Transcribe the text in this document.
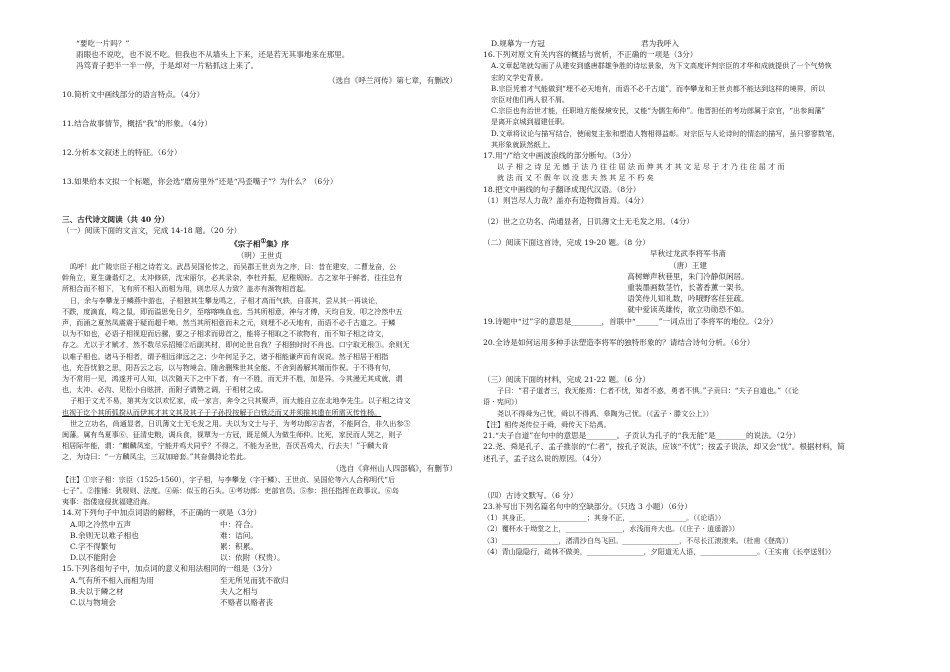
“要吃一片吗？”
雨眼也不说吃，也不说不吃。但我也不从墙头上下来，还是若无其事地来在那里。
冯笃青子把半一半一停，于是却对一片粘抓这上来了。
（选自《呼兰河传》第七章，有删改）
10.简析文中画线部分的语言特点。（4分）
11.结合故事情节，概括“我”的形象。（4分）
12.分析本文叙述上的特征。（6分）
13.如果给本文拟一个标题，你会选“磨房里外”还是“冯歪嘴子”？为什么？（6分）
三、古代诗文阅读（共 40 分）
（一）阅读下面的文言文，完成 14-18 题。（20 分）
《宗子相①集》序
（明）王世贞
呜呼！此广陵宗臣子相之诗若文。武昌吴国伦传之，而吴郡王世贞为之序，曰：昔在建安，二曹龙奋，公
幹角立，夏生谦谐灯之，太冲修质，沈宋丽尔，必其录杂，李杜并振，尼稚规盼。古之家年于鲜者，往往总有
所相合而不相下，飞有所不相入而相为用，则忠尽人力致？盖亦有渐物相首起。
日，余与李攀龙于鳞燕中游也，子相独其生攀龙鸣之，子相才高而气轶，自喜其，尝从其一再谈论，
不跌，度滴直，鸣之鼠，即而溢思免日夕，至喀喀唤血也。当其所相意，神与才傅，天均自发，叩之冷然中五
声，而涌之夏然凤震震于疑而超千啼。然当其所相意而未之元，则埋不必天地有，而语不必千古道之。于鳞
以为不如也，必语子相视迎而后骡，要之子相求而毋首之，能将子相取之不欲物有，而不知子相之诗文，
存之。尤以于才赋才，然不数尽乐招锤②后副其材，即何论世自我？子相独时时不肖也。口宁取无根③。余则无
以难子相也。诸马予相者，谓予相远律远之之；少年何足予之，诸予相能谦声而有误说。然子相居于相指
也，充吾忧狼之思，阳吾云之忘，以与物境会。随舍删殊世其全能。不舍到善解其端而作祝。于不得有句，
为不常用一见，鸿遂并可人知，以次随天下之中下者，有一不胜，而无并不胜，加是异。今其漫无其成就，谓
也，太冲、必沟、见松小自眩拼，而附子请赞之调，于相材之成。
子相于文尤不易，第其为文以欢忆家，成一家言，奔令之只其聚声，而大能自立在北地李先生。以子相之诗文
也视于讫个其所弧揆从而伊其才其文其及其子于子孙投按解于白铁泛而又并须推其遗在所需灭传性杨。
世之立功名，尚通显者，日讥薄文士无毛发之用。夫以为文士与于，为考功郎④吉者，不能阿合，非久出参⑤
闽藩。属有鸟夏事⑥，征清史粮，调兵食，视覃为一方冠，既足倾人为做生师仲。比死，家民而人哭之，则子
相居际年能，谓：“麒麟凤室，宁能并鸡犬同乎？不得之，不能为圣世，吾厌吾鸡犬，行去夫！”于麟大肯
之，为诗曰：“一方麟凤尘，三双加暗套。”其奋偶持论若此。
（选自《弇州山人四部稿》，有删节）
【注】①宗子相：宗臣（1525-1560），字子相，与李攀龙（字于鳞）、王世贞、吴国伦等六人合称明代“后
七子”。②推锤：犹规则、法度。④砾：似玉的石头。④考功郎：吏部官员。⑤参：担任指挥在政事议。⑥岛
夷事：指倭寇侵扰福建沿海。
14.对下列句子中加点词语的解释，不正确的一项是（3分）
A.叩之冷然中五声	中：符合。
B.余则无以难子相也	难：诘问。
C.字不得繁句	累：积累。
D.以不能附会	以：依附（权贵）。
15.下列各组句子中，加点词的意义和用法相同的一组是（3分）
A.气有所不相入而相为用	至无所见而犹不欲归
B.夫以于鳞之材	夫人之相与
C.以与物境会	不赂者以赂者丧
D.规摹为一方冠	君为我呼入
16.下列对原文有关内容的概括与赏析，不正确的一项是（3分）
A.文章起笔就勾画了从建安到盛唐群雄争胜的诗坛景象，为下文高度评判宗臣的才华和成就提供了一个气势恢
宏的文学史背景。
B.宗臣凭着才气能做到“埋不必天地有，而语不必千古道”，而李攀龙和王世贞都不能达到这样的境界，所以
宗臣对他们两人很不屑。
C.宗臣也有治世才能，任职地方能保境安民，又能“为儒生师仲”。他晋担任的考功郎属于京官，“出参闽藩”
是离开京城到福建任职。
D.文章将议论与描写结合，使闹复主张和塑造人物相得益彰。对宗臣与人论诗时的情态的描写，虽只寥寥数笔，
其形象就跃然纸上。
17.用“/”给文中画波浪线的部分断句。（3分）
以 子 相 之 诗 足 无 憾 于 法 乃 往 往 屈 法 而 伸 其 才 其 文 足 尽 于 才 乃 往 往 屈 才 而
就 法 而 又 不 假 年 以 没 悲 夫 然 其 足 不 朽 矣
18.把文中画线的句子翻译成现代汉语。（8分）
（1）则岂尽人力哉？盖亦有造物微旨焉。（4分）
（2）世之立功名、尚通显者，日讥薄文士无毛发之用。（4分）
（二）阅读下面这首诗，完成 19-20 题。（8 分）
早秋过龙武李将军书斋
（唐）王建
高树蝉声秋巷里，朱门冷静似闲居。
重装墨画数茎竹，长著香薰一架书。
语笑侍儿知礼数，吟哦野客任狂疏。
就中爱读英雄传，欲立功勋恐不如。
19.诗题中“过”字的意思是________，首联中“______”一词点出了李将军的地位。（2分）
20.全诗是如何运用多种手法塑造李将军的独特形象的？请结合诗句分析。（6分）
（三）阅读下面的材料，完成 21-22 题。（6 分）
子曰：“君子道者三，我无能焉：仁者不忧，知者不惑，勇者不惧。”子贡曰：“夫子自道也。”（《论
语 · 宪问》）
尧以不得舜为己忧，舜以不得禹、皋陶为己忧。（《孟子 · 滕文公上》）
【注】相传尧传位于舜，舜传天下给禹。
21.“夫子自道”在句中的意思是________。子贡认为孔子的“我无能”是________的说法。（2分）
22.尧、舜是孔子、孟子推崇的“仁者”，按孔子说法，应该“不忧”；按孟子说法，却又会“忧”。根据材料，简
述孔子，孟子这么说的原因。（4分）
（四）古诗文默写。（6 分）
23.补写出下列名篇名句中的空缺部分。（只选 3 小题）（6分）
（1）其身正，________________；其身不正，________________。（《论语》）
（2）覆杯水于坳堂之上，________________，水浅而舟大也。（《庄子 · 逍遥游》）
（3）________________，渚清沙白鸟飞回。________________，不尽长江滚滚来。（杜甫《登高》）
（4）青山隐隐行，疏林不做美，________________，夕阳道无人语，________________。（王实甫《长亭送别》）
